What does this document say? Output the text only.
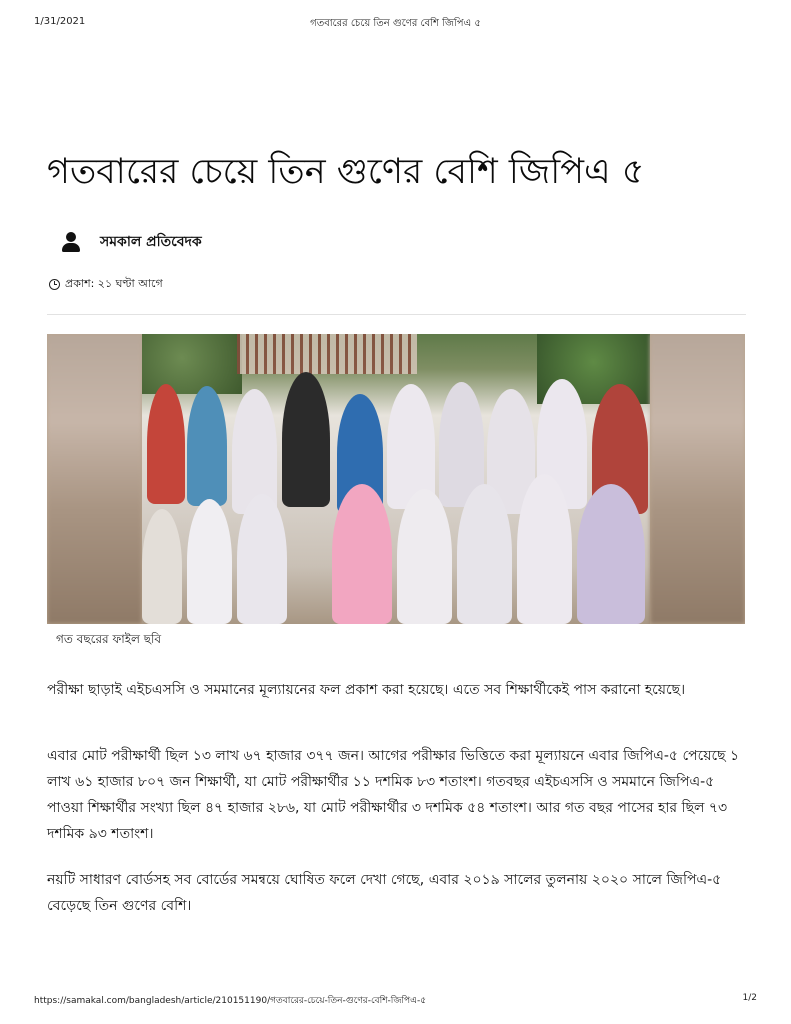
1/31/2021	গতবারের চেয়ে তিন গুণের বেশি জিপিএ ৫
গতবারের চেয়ে তিন গুণের বেশি জিপিএ ৫
সমকাল প্রতিবেদক
প্রকাশ: ২১ ঘণ্টা আগে
গত বছরের ফাইল ছবি

পরীক্ষা ছাড়াই এইচএসসি ও সমমানের মূল্যায়নের ফল প্রকাশ করা হয়েছে। এতে সব শিক্ষার্থীকেই পাস করানো হয়েছে।

এবার মোট পরীক্ষার্থী ছিল ১৩ লাখ ৬৭ হাজার ৩৭৭ জন। আগের পরীক্ষার ভিত্তিতে করা মূল্যায়নে এবার জিপিএ-৫ পেয়েছে ১ লাখ ৬১ হাজার ৮০৭ জন শিক্ষার্থী, যা মোট পরীক্ষার্থীর ১১ দশমিক ৮৩ শতাংশ। গতবছর এইচএসসি ও সমমানে জিপিএ-৫ পাওয়া শিক্ষার্থীর সংখ্যা ছিল ৪৭ হাজার ২৮৬, যা মোট পরীক্ষার্থীর ৩ দশমিক ৫৪ শতাংশ। আর গত বছর পাসের হার ছিল ৭৩ দশমিক ৯৩ শতাংশ।

নয়টি সাধারণ বোর্ডসহ সব বোর্ডের সমন্বয়ে ঘোষিত ফলে দেখা গেছে, এবার ২০১৯ সালের তুলনায় ২০২০ সালে জিপিএ-৫ বেড়েছে তিন গুণের বেশি।

https://samakal.com/bangladesh/article/210151190/গতবারের-চেয়ে-তিন-গুণের-বেশি-জিপিএ-৫	1/2
